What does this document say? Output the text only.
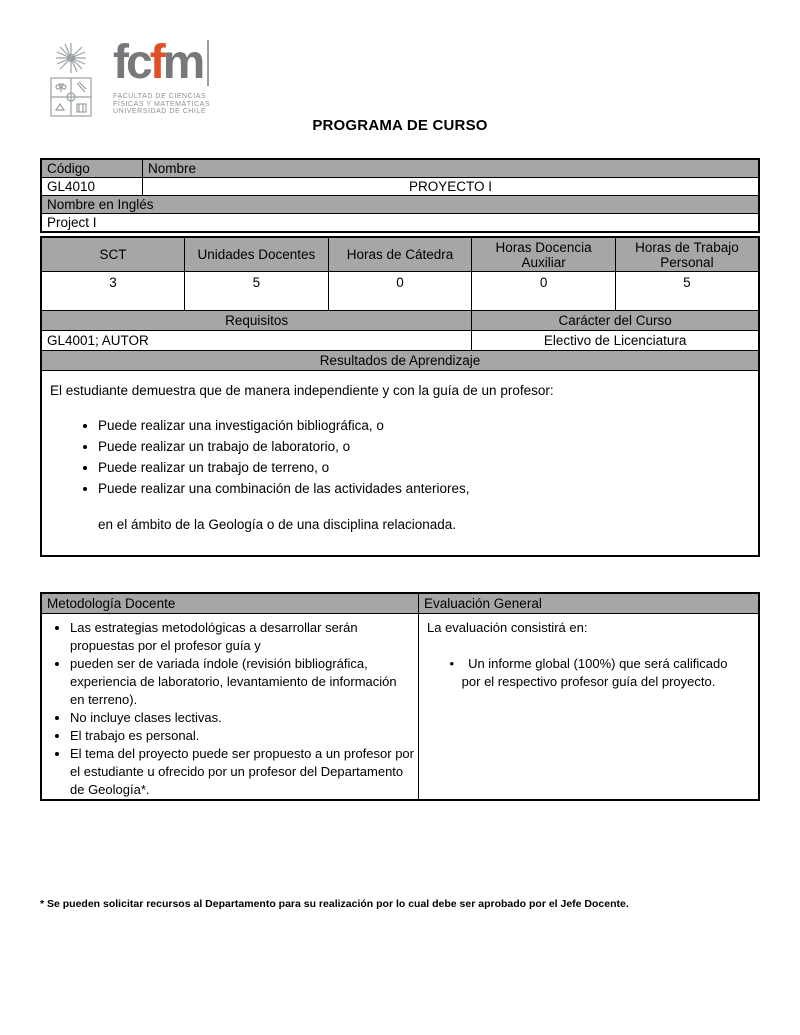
fcfm
FACULTAD DE CIENCIAS
FÍSICAS Y MATEMÁTICAS
UNIVERSIDAD DE CHILE
PROGRAMA DE CURSO
Código	Nombre
GL4010	PROYECTO I
Nombre en Inglés	
Project I	
SCT	Unidades Docentes	Horas de Cátedra	Horas Docencia Auxiliar	Horas de Trabajo Personal
3	5	0	0	5
Requisitos			Carácter del Curso	
GL4001; AUTOR			Electivo de Licenciatura	
Resultados de Aprendizaje				

El estudiante demuestra que de manera independiente y con la guía de un profesor:

• Puede realizar una investigación bibliográfica, o
• Puede realizar un trabajo de laboratorio, o
• Puede realizar un trabajo de terreno, o
• Puede realizar una combinación de las actividades anteriores,

en el ámbito de la Geología o de una disciplina relacionada.

Metodología Docente	Evaluación General

• Las estrategias metodológicas a desarrollar serán propuestas por el profesor guía y
• pueden ser de variada índole (revisión bibliográfica, experiencia de laboratorio, levantamiento de información en terreno).
• No incluye clases lectivas.
• El trabajo es personal.
• El tema del proyecto puede ser propuesto a un profesor por el estudiante u ofrecido por un profesor del Departamento de Geología*.

La evaluación consistirá en:

• Un informe global (100%) que será calificado
por el respectivo profesor guía del proyecto.
* Se pueden solicitar recursos al Departamento para su realización por lo cual debe ser aprobado por el Jefe Docente.
